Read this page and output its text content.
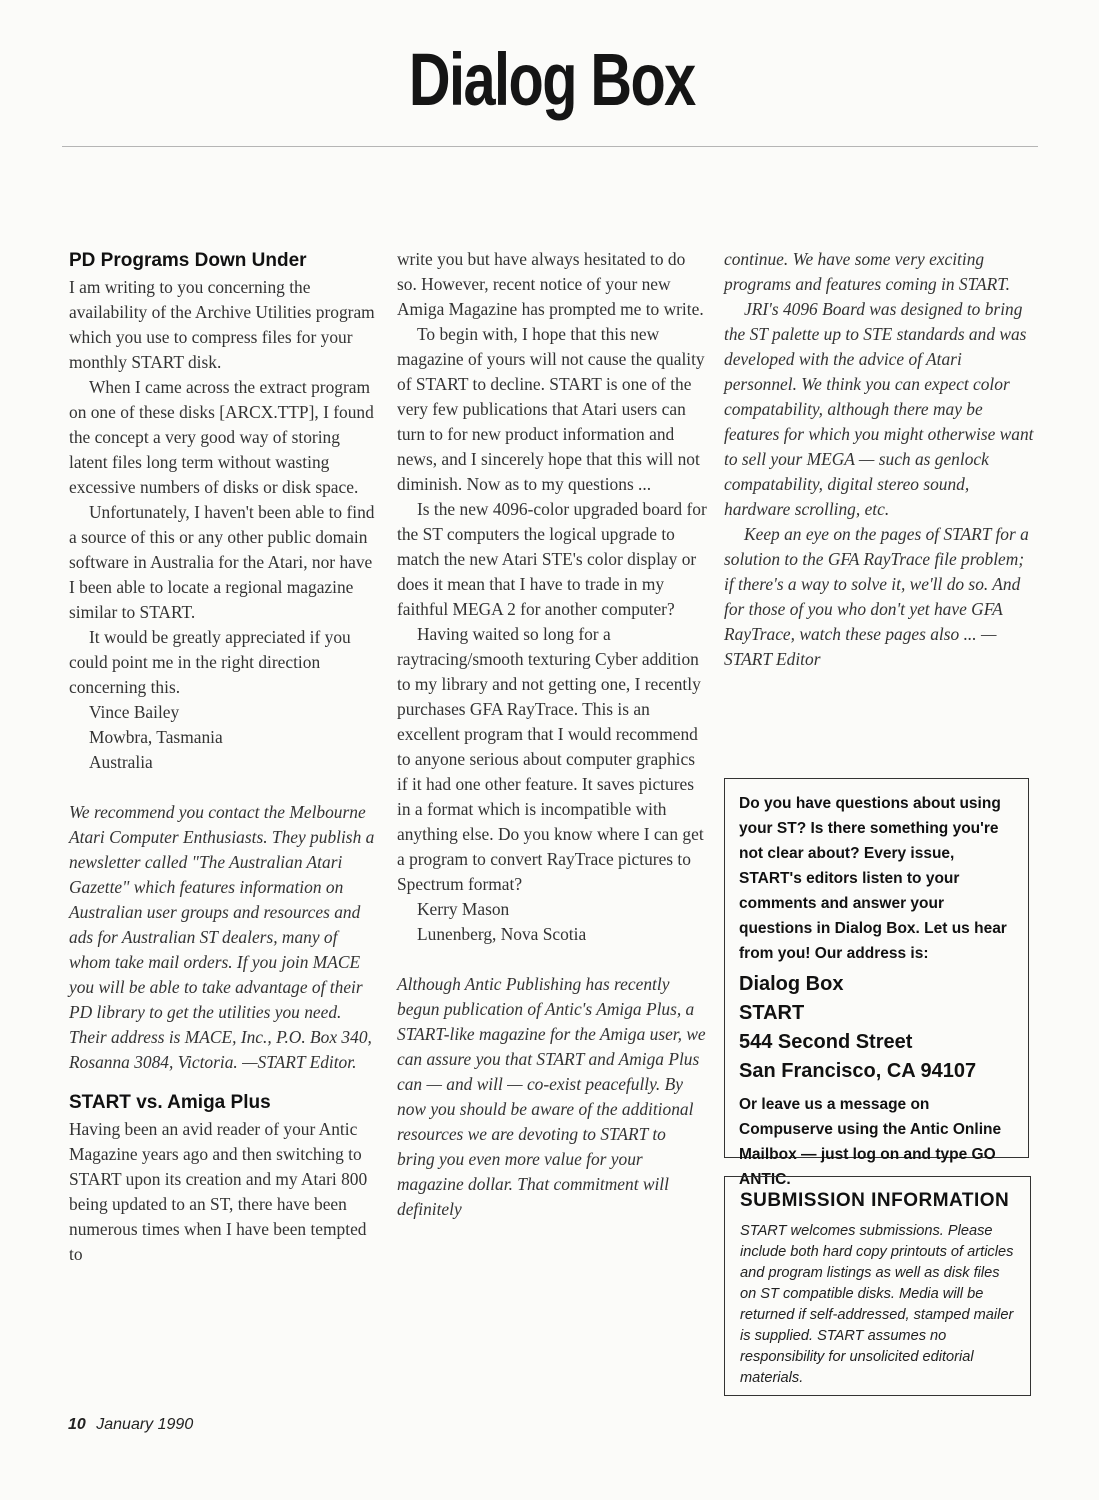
Dialog Box
PD Programs Down Under

I am writing to you concerning the availability of the Archive Utilities program which you use to compress files for your monthly START disk.

When I came across the extract program on one of these disks [ARCX.TTP], I found the concept a very good way of storing latent files long term without wasting excessive numbers of disks or disk space.

Unfortunately, I haven't been able to find a source of this or any other public domain software in Australia for the Atari, nor have I been able to locate a regional magazine similar to START.

It would be greatly appreciated if you could point me in the right direction concerning this.

Vince Bailey

Mowbra, Tasmania

Australia

We recommend you contact the Melbourne Atari Computer Enthusiasts. They publish a newsletter called "The Australian Atari Gazette" which features information on Australian user groups and resources and ads for Australian ST dealers, many of whom take mail orders. If you join MACE you will be able to take advantage of their PD library to get the utilities you need. Their address is MACE, Inc., P.O. Box 340, Rosanna 3084, Victoria. —START Editor.

START vs. Amiga Plus

Having been an avid reader of your Antic Magazine years ago and then switching to START upon its creation and my Atari 800 being updated to an ST, there have been numerous times when I have been tempted to

write you but have always hesitated to do so. However, recent notice of your new Amiga Magazine has prompted me to write.

To begin with, I hope that this new magazine of yours will not cause the quality of START to decline. START is one of the very few publications that Atari users can turn to for new product information and news, and I sincerely hope that this will not diminish. Now as to my questions ...

Is the new 4096-color upgraded board for the ST computers the logical upgrade to match the new Atari STE's color display or does it mean that I have to trade in my faithful MEGA 2 for another computer?

Having waited so long for a raytracing/smooth texturing Cyber addition to my library and not getting one, I recently purchases GFA RayTrace. This is an excellent program that I would recommend to anyone serious about computer graphics if it had one other feature. It saves pictures in a format which is incompatible with anything else. Do you know where I can get a program to convert RayTrace pictures to Spectrum format?

Kerry Mason

Lunenberg, Nova Scotia

Although Antic Publishing has recently begun publication of Antic's Amiga Plus, a START-like magazine for the Amiga user, we can assure you that START and Amiga Plus can — and will — co-exist peacefully. By now you should be aware of the additional resources we are devoting to START to bring you even more value for your magazine dollar. That commitment will definitely

continue. We have some very exciting programs and features coming in START.

JRI's 4096 Board was designed to bring the ST palette up to STE standards and was developed with the advice of Atari personnel. We think you can expect color compatability, although there may be features for which you might otherwise want to sell your MEGA — such as genlock compatability, digital stereo sound, hardware scrolling, etc.

Keep an eye on the pages of START for a solution to the GFA RayTrace file problem; if there's a way to solve it, we'll do so. And for those of you who don't yet have GFA RayTrace, watch these pages also ... —START Editor

Do you have questions about using your ST? Is there something you're not clear about? Every issue, START's editors listen to your comments and answer your questions in Dialog Box. Let us hear from you! Our address is:
Dialog Box
START
544 Second Street
San Francisco, CA 94107
Or leave us a message on Compuserve using the Antic Online Mailbox — just log on and type GO ANTIC.
SUBMISSION INFORMATION
START welcomes submissions. Please include both hard copy printouts of articles and program listings as well as disk files on ST compatible disks. Media will be returned if self-addressed, stamped mailer is supplied. START assumes no responsibility for unsolicited editorial materials.
10 January 1990
